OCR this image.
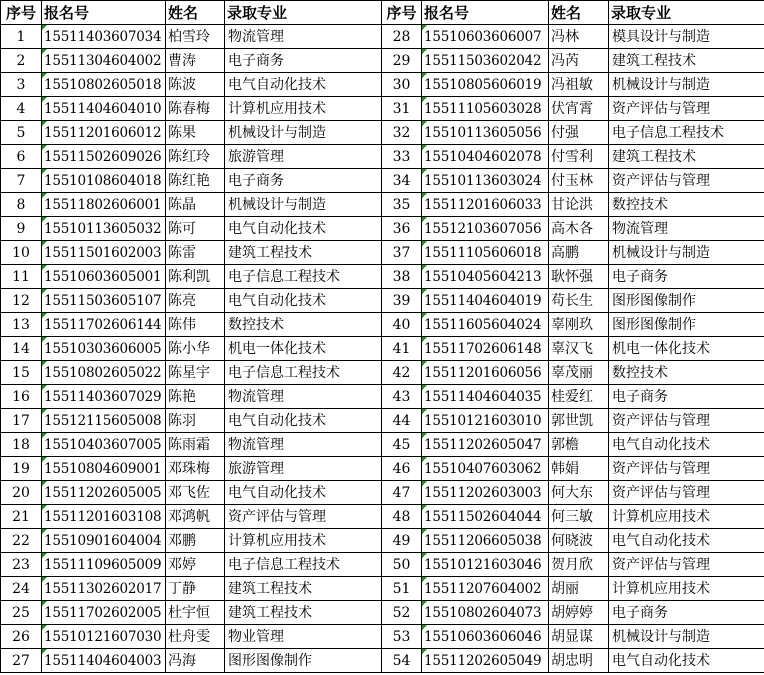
序号	报名号	姓名	录取专业	序号	报名号	姓名	录取专业
1	15511403607034	柏雪玲	物流管理	28	15510603606007	冯林	模具设计与制造
2	15511304604002	曹涛	电子商务	29	15511503602042	冯芮	建筑工程技术
3	15510802605018	陈波	电气自动化技术	30	15510805606019	冯祖敏	机械设计与制造
4	15511404604010	陈春梅	计算机应用技术	31	15511105603028	伏宵霄	资产评估与管理
5	15511201606012	陈果	机械设计与制造	32	15510113605056	付强	电子信息工程技术
6	15511502609026	陈红玲	旅游管理	33	15510404602078	付雪利	建筑工程技术
7	15510108604018	陈红艳	电子商务	34	15510113603024	付玉林	资产评估与管理
8	15511802606001	陈晶	机械设计与制造	35	15511201606033	甘论洪	数控技术
9	15510113605032	陈可	电气自动化技术	36	15512103607056	高木各	物流管理
10	15511501602003	陈雷	建筑工程技术	37	15511105606018	高鹏	机械设计与制造
11	15510603605001	陈利凯	电子信息工程技术	38	15510405604213	耿怀强	电子商务
12	15511503605107	陈亮	电气自动化技术	39	15511404604019	苟长生	图形图像制作
13	15511702606144	陈伟	数控技术	40	15511605604024	辜刚玖	图形图像制作
14	15510303606005	陈小华	机电一体化技术	41	15511702606148	辜汉飞	机电一体化技术
15	15510802605022	陈星宇	电子信息工程技术	42	15511201606056	辜茂丽	数控技术
16	15511403607029	陈艳	物流管理	43	15511404604035	桂爱红	电子商务
17	15512115605008	陈羽	电气自动化技术	44	15510121603010	郭世凯	资产评估与管理
18	15510403607005	陈雨霜	物流管理	45	15511202605047	郭檐	电气自动化技术
19	15510804609001	邓珠梅	旅游管理	46	15510407603062	韩娟	资产评估与管理
20	15511202605005	邓飞佐	电气自动化技术	47	15511202603003	何大东	资产评估与管理
21	15511201603108	邓鸿帆	资产评估与管理	48	15511502604044	何三敏	计算机应用技术
22	15510901604004	邓鹏	计算机应用技术	49	15511206605038	何晓波	电气自动化技术
23	15511109605009	邓婷	电子信息工程技术	50	15510121603046	贺月欣	资产评估与管理
24	15511302602017	丁静	建筑工程技术	51	15511207604002	胡丽	计算机应用技术
25	15511702602005	杜宇恒	建筑工程技术	52	15510802604073	胡婷婷	电子商务
26	15510121607030	杜舟雯	物业管理	53	15510603606046	胡显谋	机械设计与制造
27	15511404604003	冯海	图形图像制作	54	15511202605049	胡忠明	电气自动化技术
